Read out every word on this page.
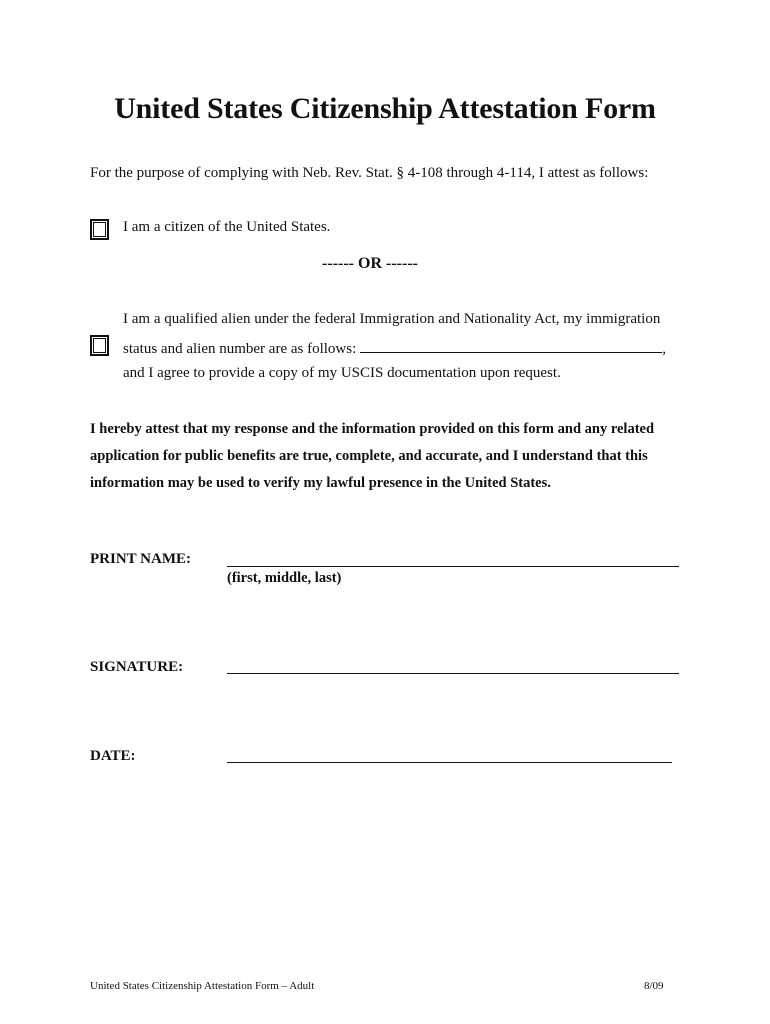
United States Citizenship Attestation Form
For the purpose of complying with Neb. Rev. Stat. § 4-108 through 4-114, I attest as follows:
I am a citizen of the United States.
------ OR ------
I am a qualified alien under the federal Immigration and Nationality Act, my immigration
status and alien number are as follows:	,
and I agree to provide a copy of my USCIS documentation upon request.
I hereby attest that my response and the information provided on this form and any related application for public benefits are true, complete, and accurate, and I understand that this information may be used to verify my lawful presence in the United States.
PRINT NAME:
(first, middle, last)
SIGNATURE:
DATE:
United States Citizenship Attestation Form – Adult	8/09
